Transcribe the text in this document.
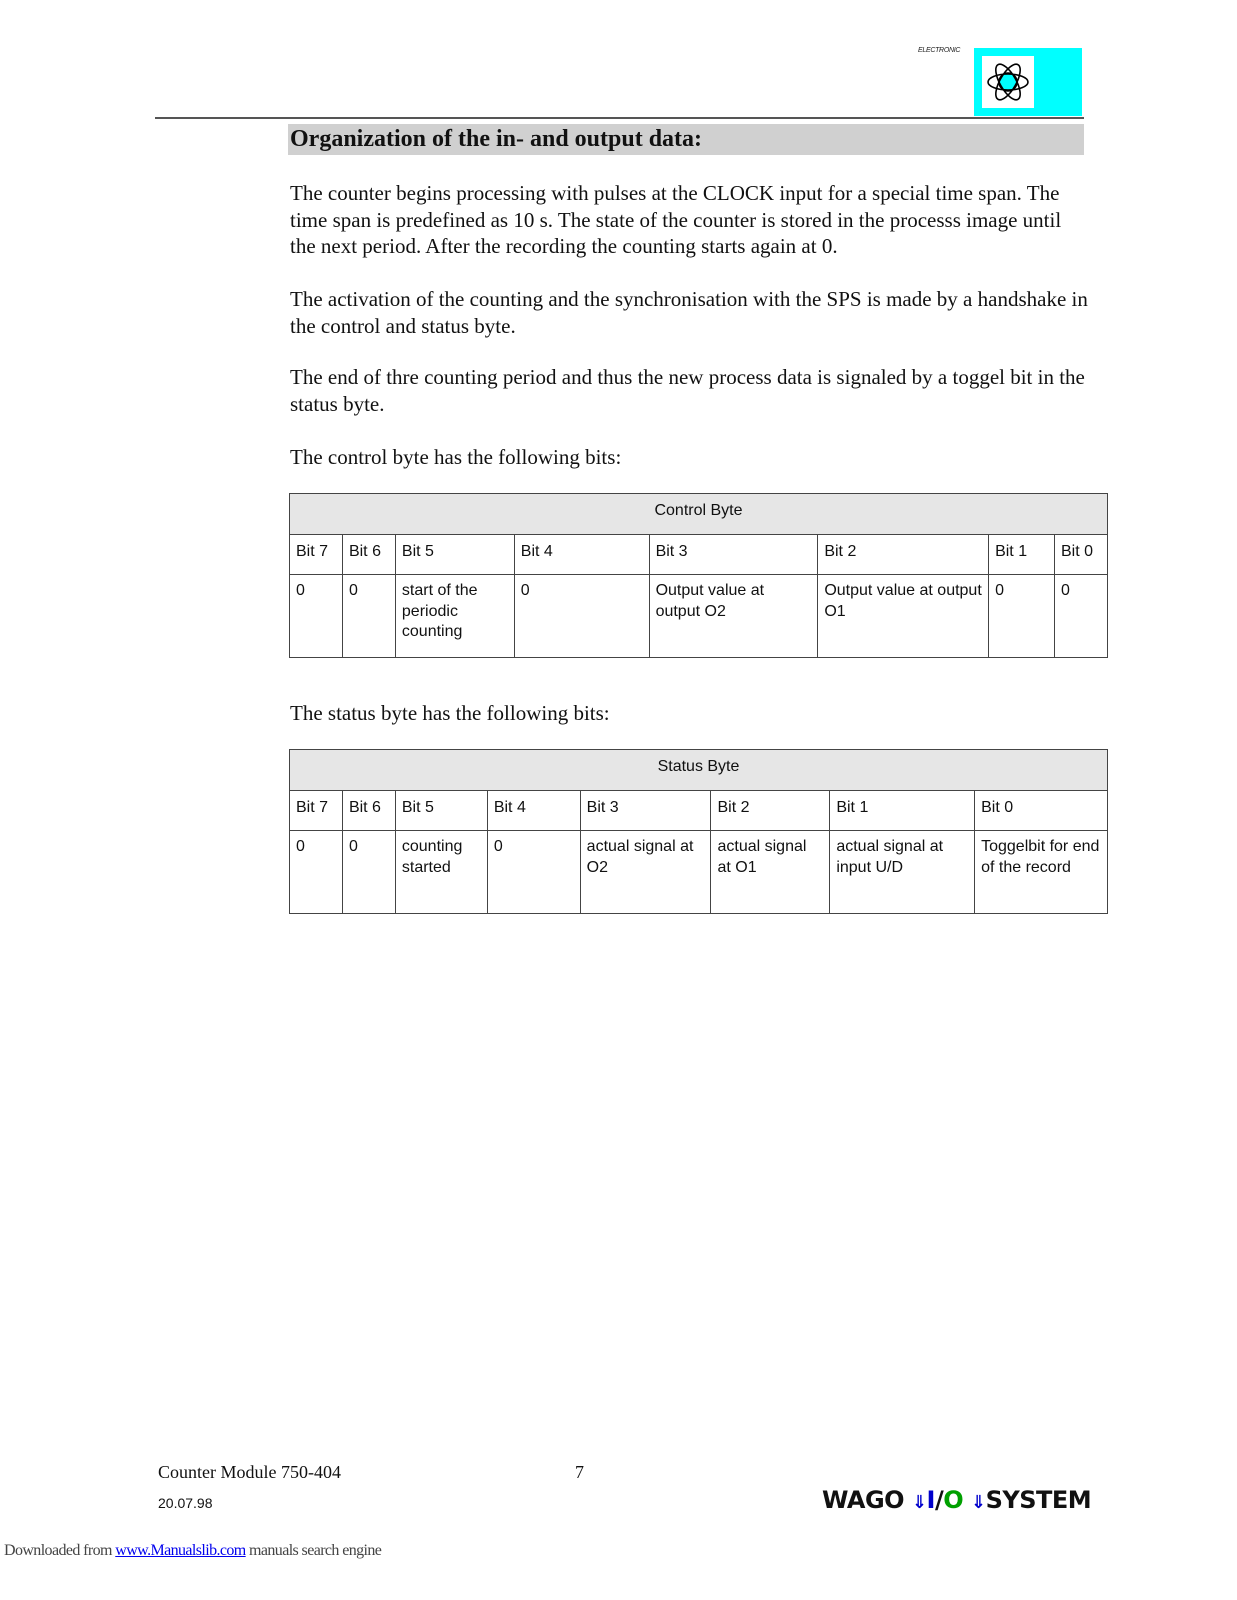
ELECTRONIC
Organization of the in- and output data:

The counter begins processing with pulses at the CLOCK input for a special time span. The time span is predefined as 10 s. The state of the counter is stored in the processs image until the next period. After the recording the counting starts again at 0.

The activation of the counting and the synchronisation with the SPS is made by a handshake in the control and status byte.

The end of thre counting period and thus the new process data is signaled by a toggel bit in the status byte.

The control byte has the following bits:

Control Byte							
Bit 7	Bit 6	Bit 5	Bit 4	Bit 3	Bit 2	Bit 1	Bit 0
0	0	start of the periodic counting	0	Output value at output O2	Output value at output O1	0	0

The status byte has the following bits:

Status Byte							
Bit 7	Bit 6	Bit 5	Bit 4	Bit 3	Bit 2	Bit 1	Bit 0
0	0	counting started	0	actual signal at O2	actual signal at O1	actual signal at input U/D	Toggelbit for end of the record
Counter Module 750-404	7
20.07.98	WAGO ⇓I/O ⇓SYSTEM
Downloaded from www.Manualslib.com manuals search engine
